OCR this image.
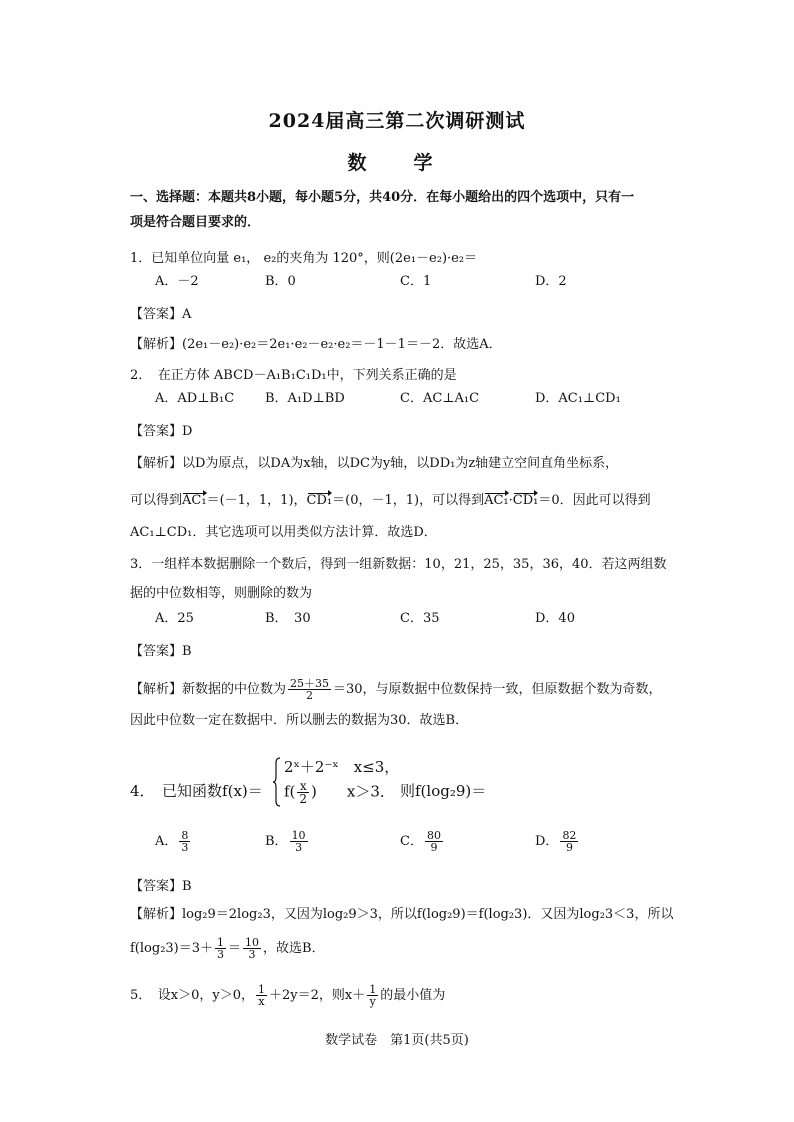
2024届高三第二次调研测试
数　学
一、选择题：本题共8小题，每小题5分，共40分．在每小题给出的四个选项中，只有一
项是符合题目要求的．
1．已知单位向量 e₁， e₂的夹角为 120°，则(2e₁－e₂)·e₂＝
A．－2	B．0	C．1	D．2
【答案】A
【解析】(2e₁－e₂)·e₂＝2e₁·e₂－e₂·e₂＝－1－1＝－2．故选A．
2．　在正方体 ABCD－A₁B₁C₁D₁中，下列关系正确的是
A．AD⊥B₁C B．A₁D⊥BD	C．AC⊥A₁C	D．AC₁⊥CD₁
【答案】D
【解析】以D为原点，以DA为x轴，以DC为y轴，以DD₁为z轴建立空间直角坐标系，
可以得到AC₁＝(－1，1，1)，CD₁＝(0，－1，1)，可以得到AC₁·CD₁＝0．因此可以得到
AC₁⊥CD₁．其它选项可以用类似方法计算．故选D．
3．一组样本数据删除一个数后，得到一组新数据：10，21，25，35，36，40．若这两组数
据的中位数相等，则删除的数为
A．25	B．　30	C．35	D．40
【答案】B
【解析】新数据的中位数为 $\frac{25+35}{2} =30$，与原数据中位数保持一致，但原数据个数为奇数，
因此中位数一定在数据中．所以删去的数据为30．故选B．
4．　已知函数f(x)＝
2ˣ＋2⁻ˣ　x≤3，
$f( \frac{x}{2}$ )　　x＞3． 则f(log₂9)＝
A． $\frac{8}{3}$	B． $\frac{10}{3}$	C． $\frac{80}{9}$	D． $\frac{82}{9}$
【答案】B
【解析】log₂9＝2log₂3，又因为log₂9＞3，所以f(log₂9)＝f(log₂3)．又因为log₂3＜3，所以
$f(\log_23)=3+ \frac{1}{3} = \frac{10}{3}$ ，故选B．
5．　设x＞0，y＞0， $\frac{1}{x} +2y=2$，则$x+ \frac{1}{y}$ 的最小值为
数学试卷　第1页(共5页)
